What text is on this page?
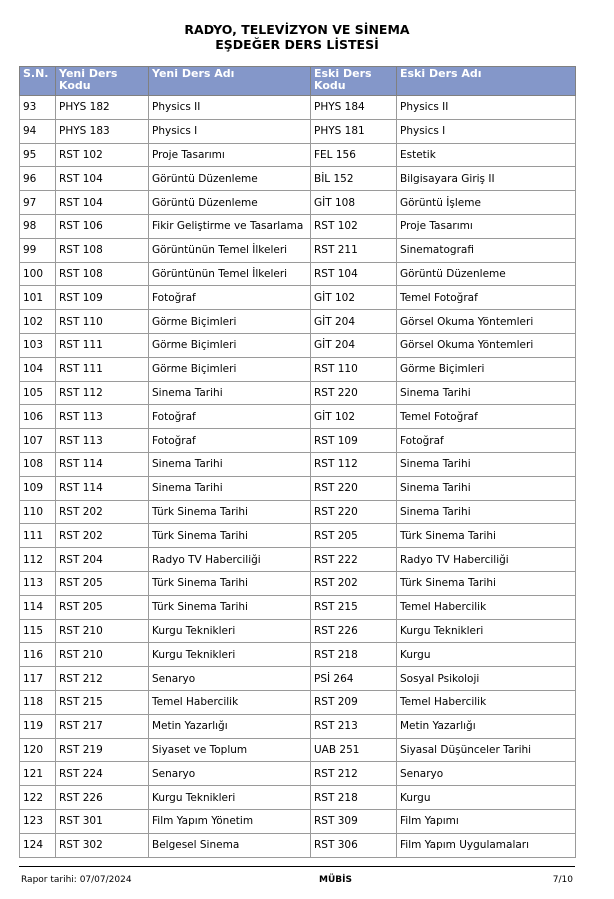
RADYO, TELEVİZYON VE SİNEMA
EŞDEĞER DERS LİSTESİ
S.N.	Yeni Ders Kodu	Yeni Ders Adı	Eski Ders Kodu	Eski Ders Adı
93	PHYS 182	Physics II	PHYS 184	Physics II
94	PHYS 183	Physics I	PHYS 181	Physics I
95	RST 102	Proje Tasarımı	FEL 156	Estetik
96	RST 104	Görüntü Düzenleme	BİL 152	Bilgisayara Giriş II
97	RST 104	Görüntü Düzenleme	GİT 108	Görüntü İşleme
98	RST 106	Fikir Geliştirme ve Tasarlama	RST 102	Proje Tasarımı
99	RST 108	Görüntünün Temel İlkeleri	RST 211	Sinematografi
100	RST 108	Görüntünün Temel İlkeleri	RST 104	Görüntü Düzenleme
101	RST 109	Fotoğraf	GİT 102	Temel Fotoğraf
102	RST 110	Görme Biçimleri	GİT 204	Görsel Okuma Yöntemleri
103	RST 111	Görme Biçimleri	GİT 204	Görsel Okuma Yöntemleri
104	RST 111	Görme Biçimleri	RST 110	Görme Biçimleri
105	RST 112	Sinema Tarihi	RST 220	Sinema Tarihi
106	RST 113	Fotoğraf	GİT 102	Temel Fotoğraf
107	RST 113	Fotoğraf	RST 109	Fotoğraf
108	RST 114	Sinema Tarihi	RST 112	Sinema Tarihi
109	RST 114	Sinema Tarihi	RST 220	Sinema Tarihi
110	RST 202	Türk Sinema Tarihi	RST 220	Sinema Tarihi
111	RST 202	Türk Sinema Tarihi	RST 205	Türk Sinema Tarihi
112	RST 204	Radyo TV Haberciliği	RST 222	Radyo TV Haberciliği
113	RST 205	Türk Sinema Tarihi	RST 202	Türk Sinema Tarihi
114	RST 205	Türk Sinema Tarihi	RST 215	Temel Habercilik
115	RST 210	Kurgu Teknikleri	RST 226	Kurgu Teknikleri
116	RST 210	Kurgu Teknikleri	RST 218	Kurgu
117	RST 212	Senaryo	PSİ 264	Sosyal Psikoloji
118	RST 215	Temel Habercilik	RST 209	Temel Habercilik
119	RST 217	Metin Yazarlığı	RST 213	Metin Yazarlığı
120	RST 219	Siyaset ve Toplum	UAB 251	Siyasal Düşünceler Tarihi
121	RST 224	Senaryo	RST 212	Senaryo
122	RST 226	Kurgu Teknikleri	RST 218	Kurgu
123	RST 301	Film Yapım Yönetim	RST 309	Film Yapımı
124	RST 302	Belgesel Sinema	RST 306	Film Yapım Uygulamaları
Rapor tarihi: 07/07/2024	MÜBİS	7/10
